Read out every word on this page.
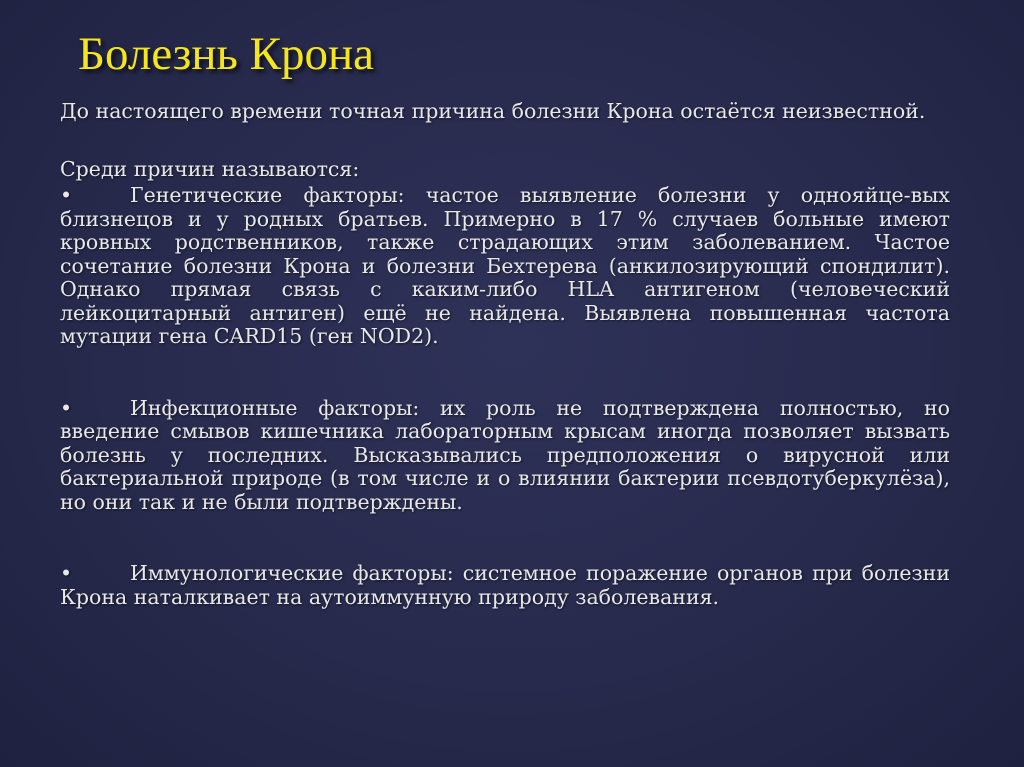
Болезнь Крона

До настоящего времени точная причина болезни Крона остаётся неизвестной.

Среди причин называются:

•	Генетические факторы: частое выявление болезни у однояйце-вых близнецов и у родных братьев. Примерно в 17 % случаев больные имеют кровных родственников, также страдающих этим заболеванием. Частое сочетание болезни Крона и болезни Бехтерева (анкилозирующий спондилит). Однако прямая связь с каким-либо HLA антигеном (человеческий лейкоцитарный антиген) ещё не найдена. Выявлена повышенная частота мутации гена CARD15 (ген NOD2).

•	Инфекционные факторы: их роль не подтверждена полностью, но введение смывов кишечника лабораторным крысам иногда позволяет вызвать болезнь у последних. Высказывались предположения о вирусной или бактериальной природе (в том числе и о влиянии бактерии псевдотуберкулёза), но они так и не были подтверждены.

•	Иммунологические факторы: системное поражение органов при болезни Крона наталкивает на аутоиммунную природу заболевания.
